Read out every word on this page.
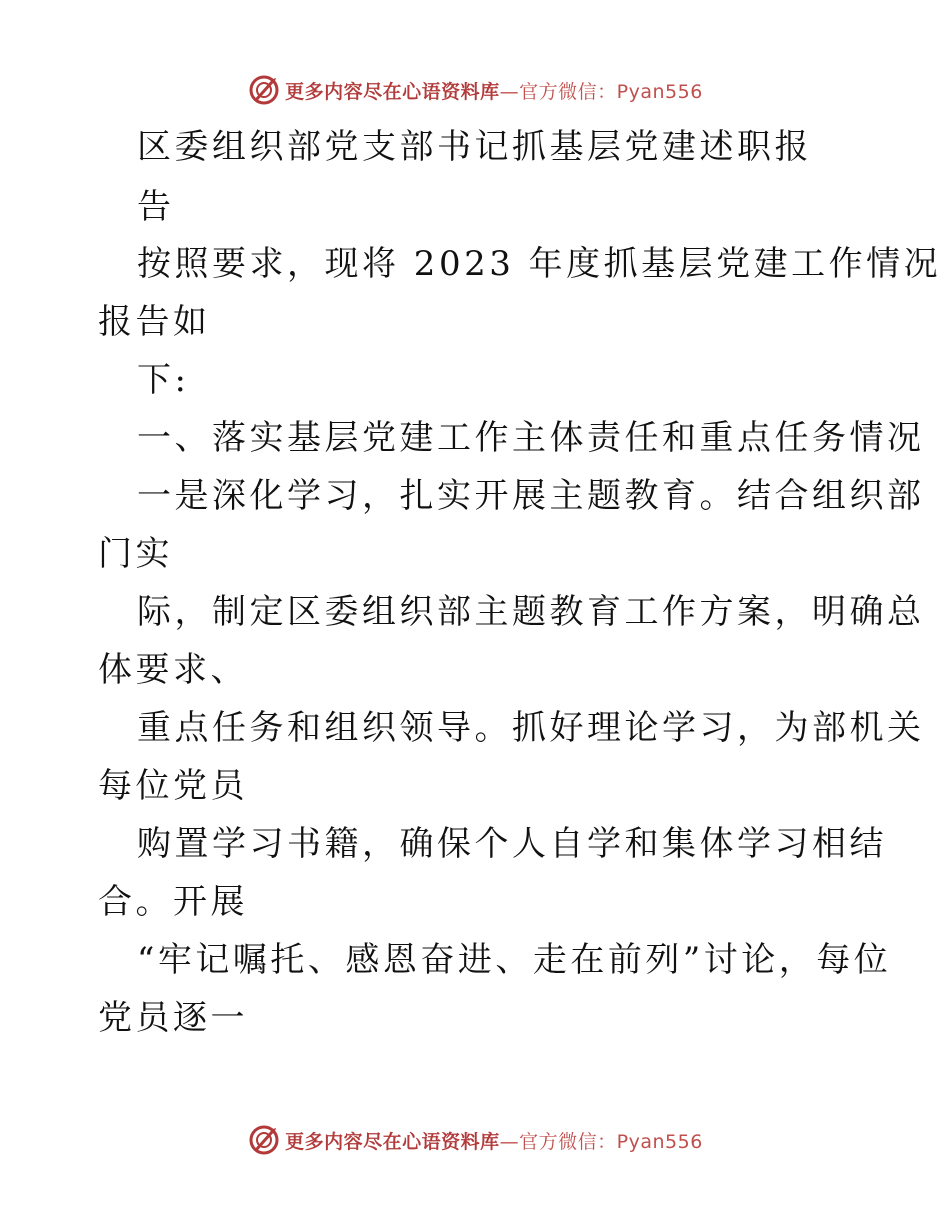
更多内容尽在心语资料库 —官方微信：Pyan556
区委组织部党支部书记抓基层党建述职报
告
按照要求，现将 2023 年度抓基层党建工作情况
报告如
下:
一、落实基层党建工作主体责任和重点任务情况
一是深化学习，扎实开展主题教育。结合组织部
门实
际，制定区委组织部主题教育工作方案，明确总
体要求、
重点任务和组织领导。抓好理论学习，为部机关
每位党员
购置学习书籍，确保个人自学和集体学习相结
合。开展
“牢记嘱托、感恩奋进、走在前列”讨论，每位
党员逐一
更多内容尽在心语资料库 —官方微信：Pyan556
